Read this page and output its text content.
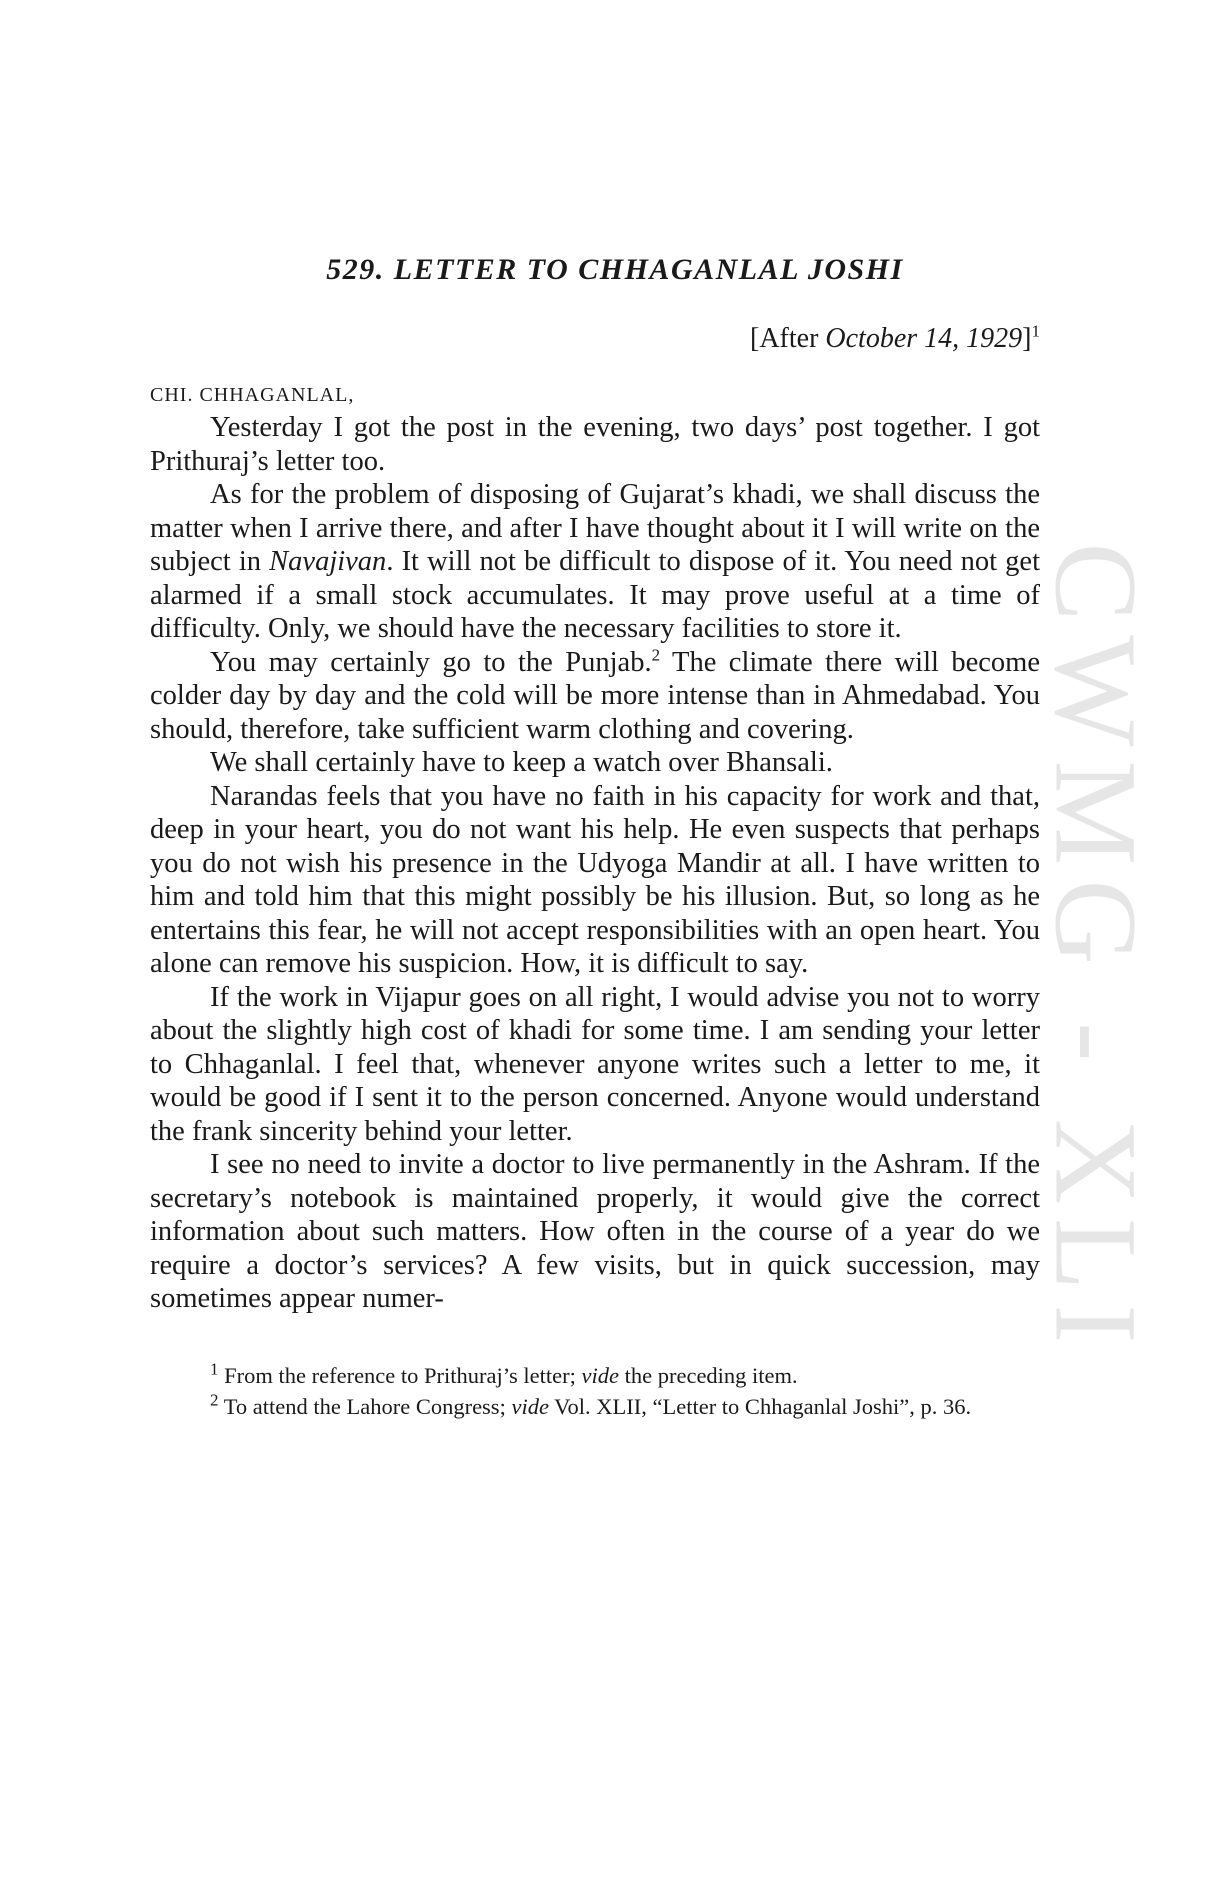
CWMG - XLI
529. LETTER TO CHHAGANLAL JOSHI
[After October 14, 1929]$^1$
CHI. CHHAGANLAL,

Yesterday I got the post in the evening, two days’ post together. I got Prithuraj’s letter too.

As for the problem of disposing of Gujarat’s khadi, we shall discuss the matter when I arrive there, and after I have thought about it I will write on the subject in Navajivan. It will not be difficult to dispose of it. You need not get alarmed if a small stock accumulates. It may prove useful at a time of difficulty. Only, we should have the necessary facilities to store it.

You may certainly go to the Punjab.$^2$ The climate there will become colder day by day and the cold will be more intense than in Ahmedabad. You should, therefore, take sufficient warm clothing and covering.

We shall certainly have to keep a watch over Bhansali.

Narandas feels that you have no faith in his capacity for work and that, deep in your heart, you do not want his help. He even suspects that perhaps you do not wish his presence in the Udyoga Mandir at all. I have written to him and told him that this might possibly be his illusion. But, so long as he entertains this fear, he will not accept responsibilities with an open heart. You alone can remove his suspicion. How, it is difficult to say.

If the work in Vijapur goes on all right, I would advise you not to worry about the slightly high cost of khadi for some time. I am sending your letter to Chhaganlal. I feel that, whenever anyone writes such a letter to me, it would be good if I sent it to the person concerned. Anyone would understand the frank sincerity behind your letter.

I see no need to invite a doctor to live permanently in the Ashram. If the secretary’s notebook is maintained properly, it would give the correct information about such matters. How often in the course of a year do we require a doctor’s services? A few visits, but in quick succession, may sometimes appear numer-

$^1$ From the reference to Prithuraj’s letter; vide the preceding item.

$^2$ To attend the Lahore Congress; vide Vol. XLII, “Letter to Chhaganlal Joshi”, p. 36.
